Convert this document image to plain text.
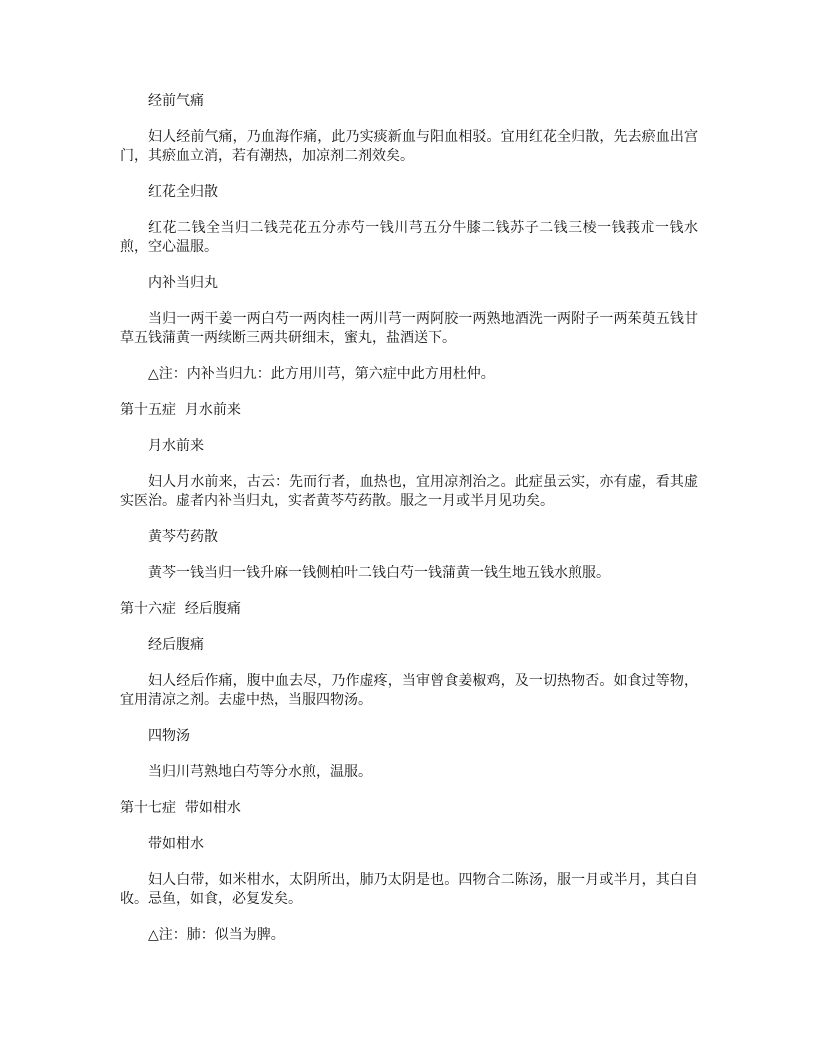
经前气痛

妇人经前气痛，乃血海作痛，此乃实痰新血与阳血相驳。宜用红花全归散，先去瘀血出宫门，其瘀血立消，若有潮热，加凉剂二剂效矣。

红花全归散

红花二钱全当归二钱芫花五分赤芍一钱川芎五分牛膝二钱苏子二钱三棱一钱莪朮一钱水煎，空心温服。

内补当归丸

当归一两干姜一两白芍一两肉桂一两川芎一两阿胶一两熟地酒洗一两附子一两茱萸五钱甘草五钱蒲黄一两续断三两共研细末，蜜丸，盐酒送下。

△注：内补当归九：此方用川芎，第六症中此方用杜仲。

第十五症  月水前来

月水前来

妇人月水前来，古云：先而行者，血热也，宜用凉剂治之。此症虽云实，亦有虚，看其虚实医治。虚者内补当归丸，实者黄芩芍药散。服之一月或半月见功矣。

黄芩芍药散

黄芩一钱当归一钱升麻一钱侧柏叶二钱白芍一钱蒲黄一钱生地五钱水煎服。

第十六症  经后腹痛

经后腹痛

妇人经后作痛，腹中血去尽，乃作虚疼，当审曾食姜椒鸡，及一切热物否。如食过等物，宜用清凉之剂。去虚中热，当服四物汤。

四物汤

当归川芎熟地白芍等分水煎，温服。

第十七症  带如柑水

带如柑水

妇人白带，如米柑水，太阴所出，肺乃太阴是也。四物合二陈汤，服一月或半月，其白自收。忌鱼，如食，必复发矣。

△注：肺：似当为脾。
